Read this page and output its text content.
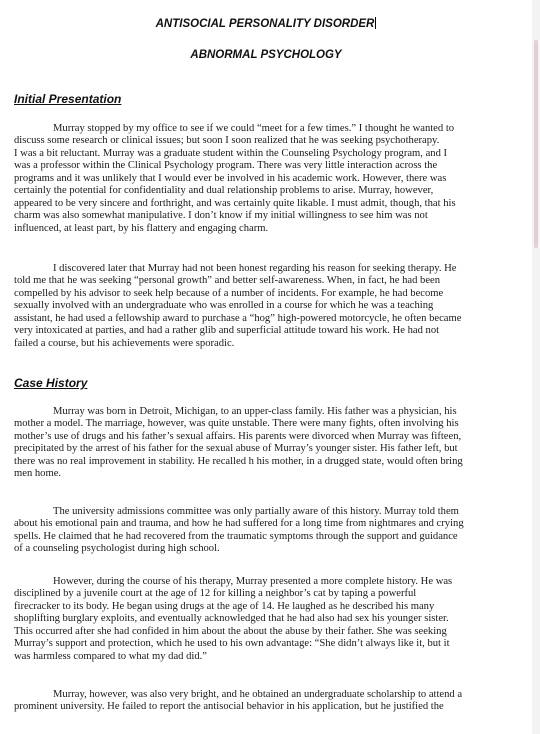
ANTISOCIAL PERSONALITY DISORDER
ABNORMAL PSYCHOLOGY
Initial Presentation
Murray stopped by my office to see if we could “meet for a few times.” I thought he wanted to
discuss some research or clinical issues; but soon I soon realized that he was seeking psychotherapy.
I was a bit reluctant. Murray was a graduate student within the Counseling Psychology program, and I
was a professor within the Clinical Psychology program. There was very little interaction across the
programs and it was unlikely that I would ever be involved in his academic work. However, there was
certainly the potential for confidentiality and dual relationship problems to arise. Murray, however,
appeared to be very sincere and forthright, and was certainly quite likable. I must admit, though, that his
charm was also somewhat manipulative. I don’t know if my initial willingness to see him was not
influenced, at least part, by his flattery and engaging charm.
I discovered later that Murray had not been honest regarding his reason for seeking therapy. He
told me that he was seeking “personal growth” and better self-awareness. When, in fact, he had been
compelled by his advisor to seek help because of a number of incidents. For example, he had become
sexually involved with an undergraduate who was enrolled in a course for which he was a teaching
assistant, he had used a fellowship award to purchase a “hog” high-powered motorcycle, he often became
very intoxicated at parties, and had a rather glib and superficial attitude toward his work. He had not
failed a course, but his achievements were sporadic.
Case History
Murray was born in Detroit, Michigan, to an upper-class family. His father was a physician, his
mother a model. The marriage, however, was quite unstable. There were many fights, often involving his
mother’s use of drugs and his father’s sexual affairs. His parents were divorced when Murray was fifteen,
precipitated by the arrest of his father for the sexual abuse of Murray’s younger sister. His father left, but
there was no real improvement in stability. He recalled h his mother, in a drugged state, would often bring
men home.
The university admissions committee was only partially aware of this history. Murray told them
about his emotional pain and trauma, and how he had suffered for a long time from nightmares and crying
spells. He claimed that he had recovered from the traumatic symptoms through the support and guidance
of a counseling psychologist during high school.
However, during the course of his therapy, Murray presented a more complete history. He was
disciplined by a juvenile court at the age of 12 for killing a neighbor’s cat by taping a powerful
firecracker to its body. He began using drugs at the age of 14. He laughed as he described his many
shoplifting burglary exploits, and eventually acknowledged that he had also had sex his younger sister.
This occurred after she had confided in him about the about the abuse by their father. She was seeking
Murray’s support and protection, which he used to his own advantage: “She didn’t always like it, but it
was harmless compared to what my dad did.”
Murray, however, was also very bright, and he obtained an undergraduate scholarship to attend a
prominent university. He failed to report the antisocial behavior in his application, but he justified the
